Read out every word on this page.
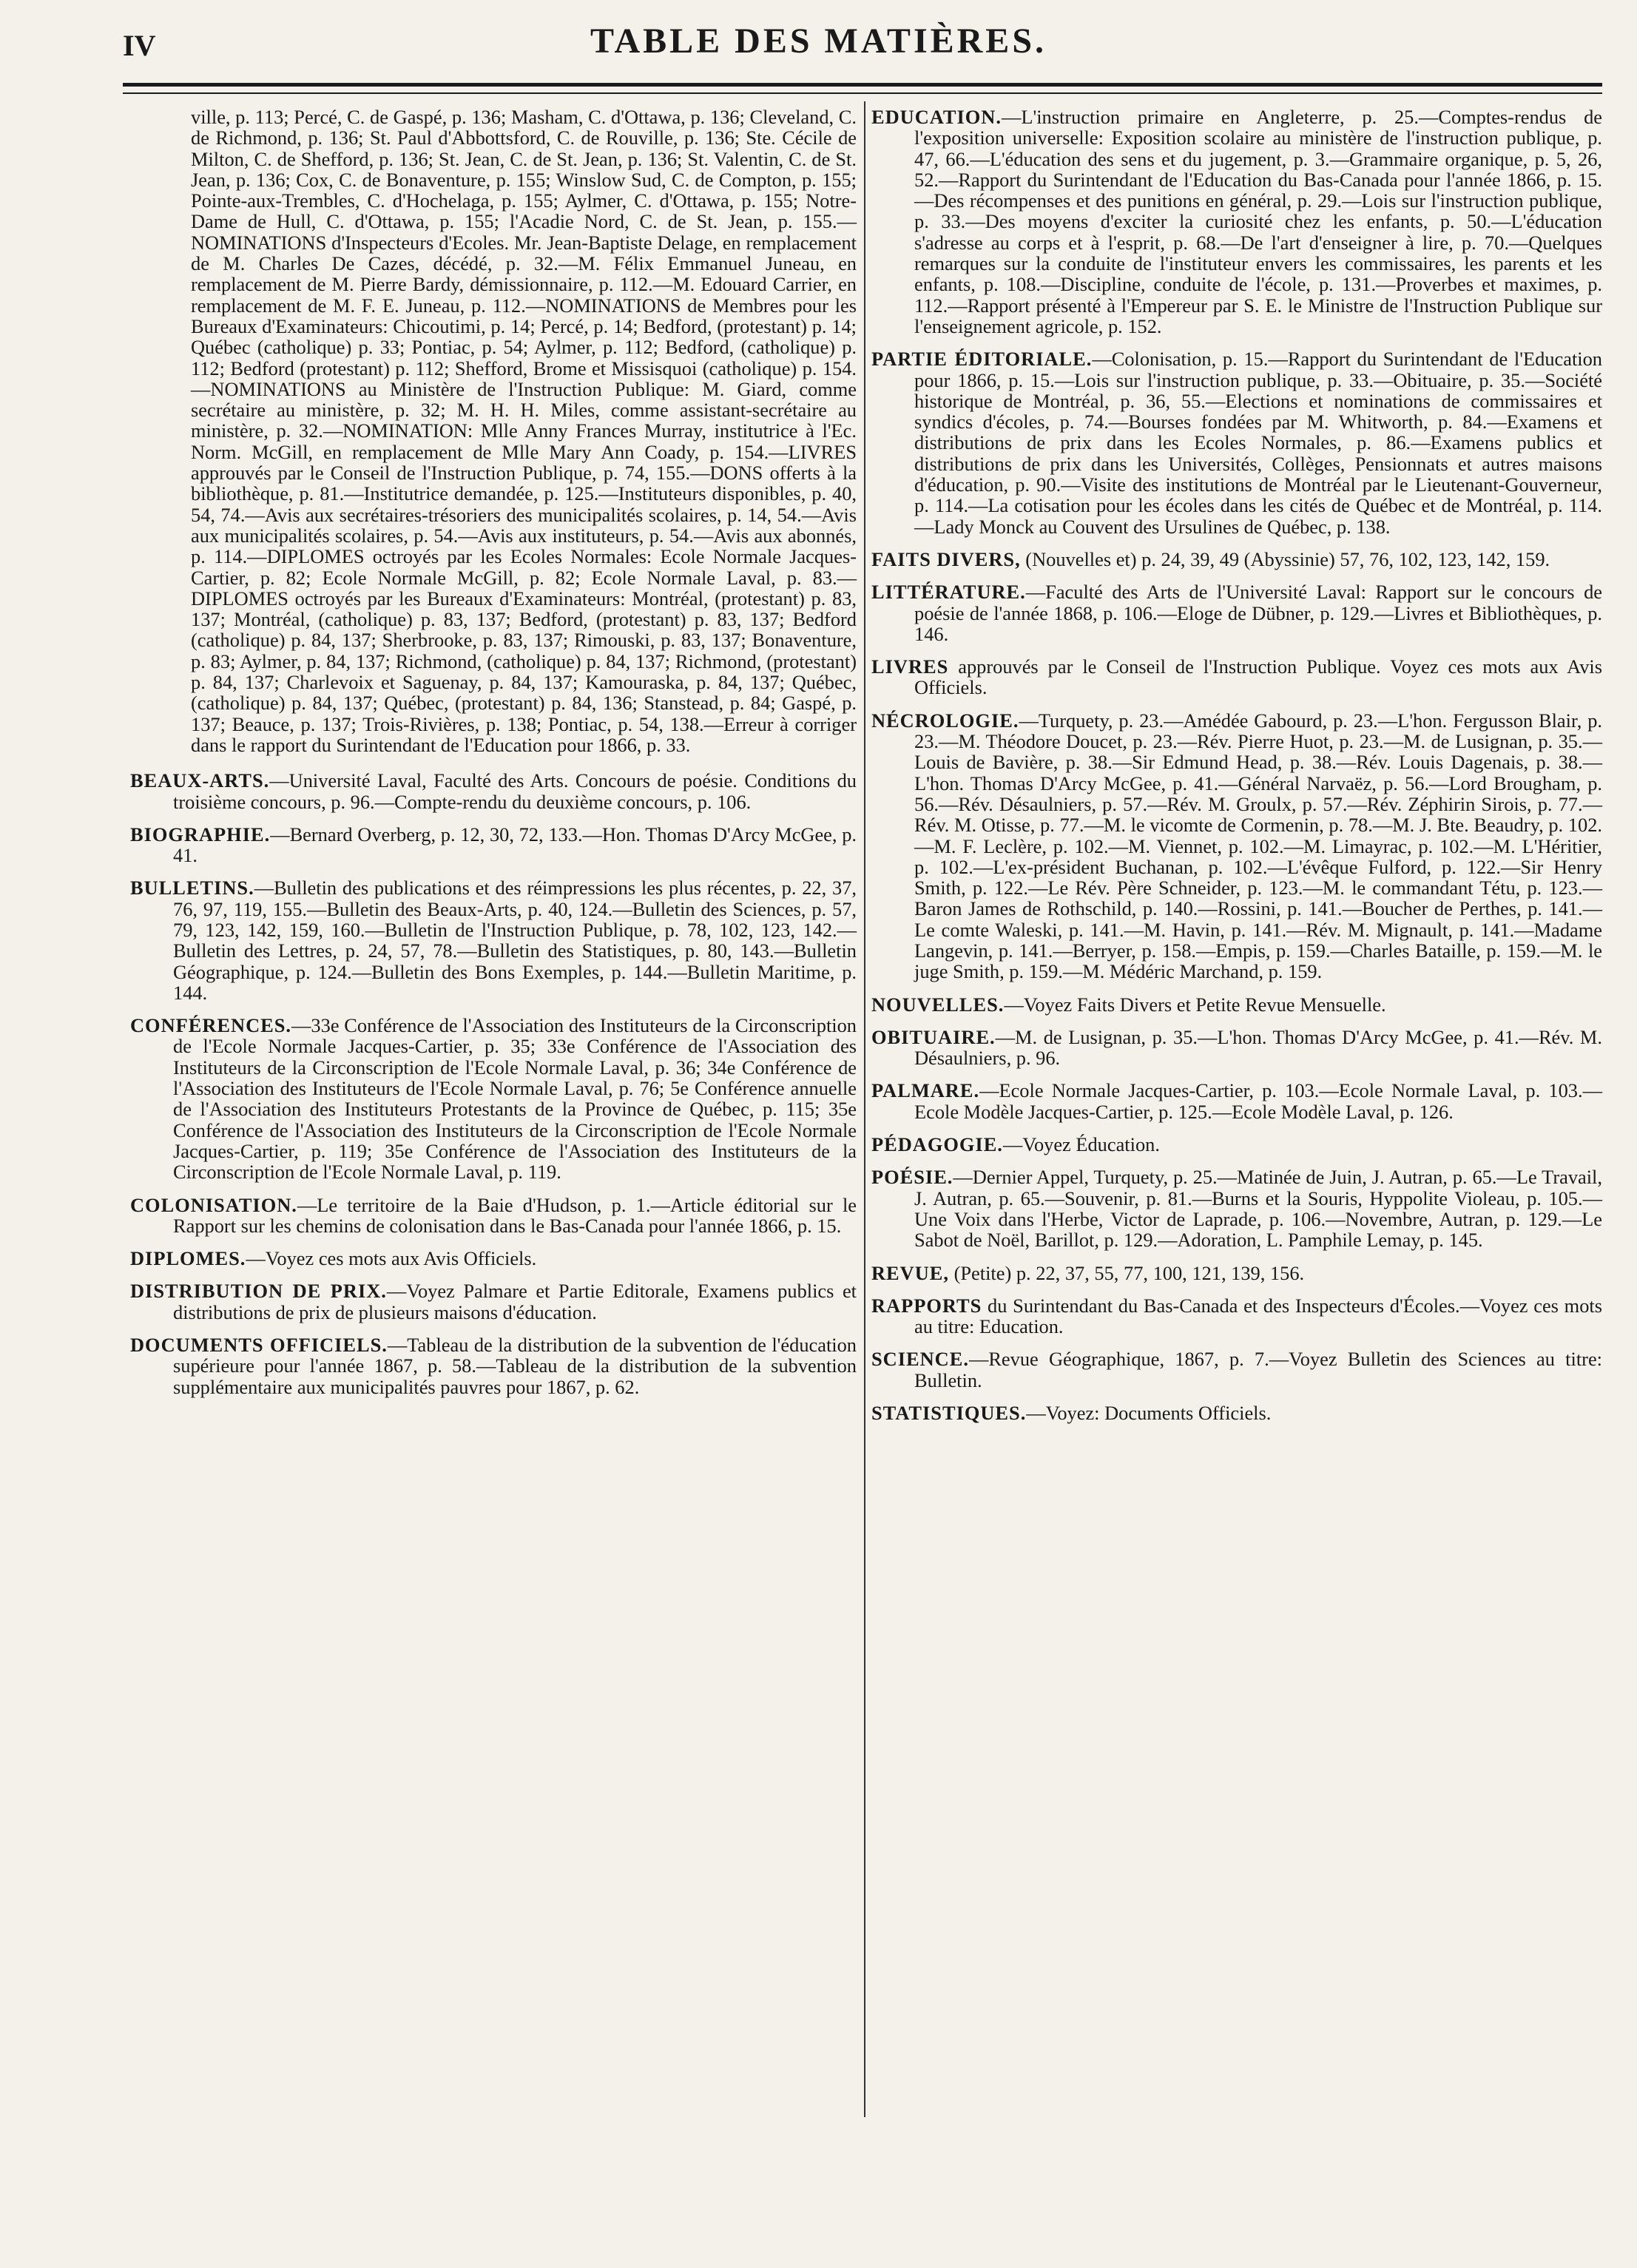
IV	TABLE DES MATIÈRES.
ville, p. 113; Percé, C. de Gaspé, p. 136; Masham, C. d'Ottawa, p. 136; Cleveland, C. de Richmond, p. 136; St. Paul d'Abbottsford, C. de Rouville, p. 136; Ste. Cécile de Milton, C. de Shefford, p. 136; St. Jean, C. de St. Jean, p. 136; St. Valentin, C. de St. Jean, p. 136; Cox, C. de Bonaventure, p. 155; Winslow Sud, C. de Compton, p. 155; Pointe-aux-Trembles, C. d'Hochelaga, p. 155; Aylmer, C. d'Ottawa, p. 155; Notre-Dame de Hull, C. d'Ottawa, p. 155; l'Acadie Nord, C. de St. Jean, p. 155.—NOMINATIONS d'Inspecteurs d'Ecoles. Mr. Jean-Baptiste Delage, en remplacement de M. Charles De Cazes, décédé, p. 32.—M. Félix Emmanuel Juneau, en remplacement de M. Pierre Bardy, démissionnaire, p. 112.—M. Edouard Carrier, en remplacement de M. F. E. Juneau, p. 112.—NOMINATIONS de Membres pour les Bureaux d'Examinateurs: Chicoutimi, p. 14; Percé, p. 14; Bedford, (protestant) p. 14; Québec (catholique) p. 33; Pontiac, p. 54; Aylmer, p. 112; Bedford, (catholique) p. 112; Bedford (protestant) p. 112; Shefford, Brome et Missisquoi (catholique) p. 154.—NOMINATIONS au Ministère de l'Instruction Publique: M. Giard, comme secrétaire au ministère, p. 32; M. H. H. Miles, comme assistant-secrétaire au ministère, p. 32.—NOMINATION: Mlle Anny Frances Murray, institutrice à l'Ec. Norm. McGill, en remplacement de Mlle Mary Ann Coady, p. 154.—LIVRES approuvés par le Conseil de l'Instruction Publique, p. 74, 155.—DONS offerts à la bibliothèque, p. 81.—Institutrice demandée, p. 125.—Instituteurs disponibles, p. 40, 54, 74.—Avis aux secrétaires-trésoriers des municipalités scolaires, p. 14, 54.—Avis aux municipalités scolaires, p. 54.—Avis aux instituteurs, p. 54.—Avis aux abonnés, p. 114.—DIPLOMES octroyés par les Ecoles Normales: Ecole Normale Jacques-Cartier, p. 82; Ecole Normale McGill, p. 82; Ecole Normale Laval, p. 83.—DIPLOMES octroyés par les Bureaux d'Examinateurs: Montréal, (protestant) p. 83, 137; Montréal, (catholique) p. 83, 137; Bedford, (protestant) p. 83, 137; Bedford (catholique) p. 84, 137; Sherbrooke, p. 83, 137; Rimouski, p. 83, 137; Bonaventure, p. 83; Aylmer, p. 84, 137; Richmond, (catholique) p. 84, 137; Richmond, (protestant) p. 84, 137; Charlevoix et Saguenay, p. 84, 137; Kamouraska, p. 84, 137; Québec, (catholique) p. 84, 137; Québec, (protestant) p. 84, 136; Stanstead, p. 84; Gaspé, p. 137; Beauce, p. 137; Trois-Rivières, p. 138; Pontiac, p. 54, 138.—Erreur à corriger dans le rapport du Surintendant de l'Education pour 1866, p. 33.
BEAUX-ARTS.—Université Laval, Faculté des Arts. Concours de poésie. Conditions du troisième concours, p. 96.—Compte-rendu du deuxième concours, p. 106.
BIOGRAPHIE.—Bernard Overberg, p. 12, 30, 72, 133.—Hon. Thomas D'Arcy McGee, p. 41.
BULLETINS.—Bulletin des publications et des réimpressions les plus récentes, p. 22, 37, 76, 97, 119, 155.—Bulletin des Beaux-Arts, p. 40, 124.—Bulletin des Sciences, p. 57, 79, 123, 142, 159, 160.—Bulletin de l'Instruction Publique, p. 78, 102, 123, 142.—Bulletin des Lettres, p. 24, 57, 78.—Bulletin des Statistiques, p. 80, 143.—Bulletin Géographique, p. 124.—Bulletin des Bons Exemples, p. 144.—Bulletin Maritime, p. 144.
CONFÉRENCES.—33e Conférence de l'Association des Instituteurs de la Circonscription de l'Ecole Normale Jacques-Cartier, p. 35; 33e Conférence de l'Association des Instituteurs de la Circonscription de l'Ecole Normale Laval, p. 36; 34e Conférence de l'Association des Instituteurs de l'Ecole Normale Laval, p. 76; 5e Conférence annuelle de l'Association des Instituteurs Protestants de la Province de Québec, p. 115; 35e Conférence de l'Association des Instituteurs de la Circonscription de l'Ecole Normale Jacques-Cartier, p. 119; 35e Conférence de l'Association des Instituteurs de la Circonscription de l'Ecole Normale Laval, p. 119.
COLONISATION.—Le territoire de la Baie d'Hudson, p. 1.—Article éditorial sur le Rapport sur les chemins de colonisation dans le Bas-Canada pour l'année 1866, p. 15.
DIPLOMES.—Voyez ces mots aux Avis Officiels.
DISTRIBUTION DE PRIX.—Voyez Palmare et Partie Editorale, Examens publics et distributions de prix de plusieurs maisons d'éducation.
DOCUMENTS OFFICIELS.—Tableau de la distribution de la subvention de l'éducation supérieure pour l'année 1867, p. 58.—Tableau de la distribution de la subvention supplémentaire aux municipalités pauvres pour 1867, p. 62.
EDUCATION.—L'instruction primaire en Angleterre, p. 25.—Comptes-rendus de l'exposition universelle: Exposition scolaire au ministère de l'instruction publique, p. 47, 66.—L'éducation des sens et du jugement, p. 3.—Grammaire organique, p. 5, 26, 52.—Rapport du Surintendant de l'Education du Bas-Canada pour l'année 1866, p. 15.—Des récompenses et des punitions en général, p. 29.—Lois sur l'instruction publique, p. 33.—Des moyens d'exciter la curiosité chez les enfants, p. 50.—L'éducation s'adresse au corps et à l'esprit, p. 68.—De l'art d'enseigner à lire, p. 70.—Quelques remarques sur la conduite de l'instituteur envers les commissaires, les parents et les enfants, p. 108.—Discipline, conduite de l'école, p. 131.—Proverbes et maximes, p. 112.—Rapport présenté à l'Empereur par S. E. le Ministre de l'Instruction Publique sur l'enseignement agricole, p. 152.
PARTIE ÉDITORIALE.—Colonisation, p. 15.—Rapport du Surintendant de l'Education pour 1866, p. 15.—Lois sur l'instruction publique, p. 33.—Obituaire, p. 35.—Société historique de Montréal, p. 36, 55.—Elections et nominations de commissaires et syndics d'écoles, p. 74.—Bourses fondées par M. Whitworth, p. 84.—Examens et distributions de prix dans les Ecoles Normales, p. 86.—Examens publics et distributions de prix dans les Universités, Collèges, Pensionnats et autres maisons d'éducation, p. 90.—Visite des institutions de Montréal par le Lieutenant-Gouverneur, p. 114.—La cotisation pour les écoles dans les cités de Québec et de Montréal, p. 114.—Lady Monck au Couvent des Ursulines de Québec, p. 138.
FAITS DIVERS, (Nouvelles et) p. 24, 39, 49 (Abyssinie) 57, 76, 102, 123, 142, 159.
LITTÉRATURE.—Faculté des Arts de l'Université Laval: Rapport sur le concours de poésie de l'année 1868, p. 106.—Eloge de Dübner, p. 129.—Livres et Bibliothèques, p. 146.
LIVRES approuvés par le Conseil de l'Instruction Publique. Voyez ces mots aux Avis Officiels.
NÉCROLOGIE.—Turquety, p. 23.—Amédée Gabourd, p. 23.—L'hon. Fergusson Blair, p. 23.—M. Théodore Doucet, p. 23.—Rév. Pierre Huot, p. 23.—M. de Lusignan, p. 35.—Louis de Bavière, p. 38.—Sir Edmund Head, p. 38.—Rév. Louis Dagenais, p. 38.—L'hon. Thomas D'Arcy McGee, p. 41.—Général Narvaëz, p. 56.—Lord Brougham, p. 56.—Rév. Désaulniers, p. 57.—Rév. M. Groulx, p. 57.—Rév. Zéphirin Sirois, p. 77.—Rév. M. Otisse, p. 77.—M. le vicomte de Cormenin, p. 78.—M. J. Bte. Beaudry, p. 102.—M. F. Leclère, p. 102.—M. Viennet, p. 102.—M. Limayrac, p. 102.—M. L'Héritier, p. 102.—L'ex-président Buchanan, p. 102.—L'évêque Fulford, p. 122.—Sir Henry Smith, p. 122.—Le Rév. Père Schneider, p. 123.—M. le commandant Tétu, p. 123.—Baron James de Rothschild, p. 140.—Rossini, p. 141.—Boucher de Perthes, p. 141.—Le comte Waleski, p. 141.—M. Havin, p. 141.—Rév. M. Mignault, p. 141.—Madame Langevin, p. 141.—Berryer, p. 158.—Empis, p. 159.—Charles Bataille, p. 159.—M. le juge Smith, p. 159.—M. Médéric Marchand, p. 159.
NOUVELLES.—Voyez Faits Divers et Petite Revue Mensuelle.
OBITUAIRE.—M. de Lusignan, p. 35.—L'hon. Thomas D'Arcy McGee, p. 41.—Rév. M. Désaulniers, p. 96.
PALMARE.—Ecole Normale Jacques-Cartier, p. 103.—Ecole Normale Laval, p. 103.—Ecole Modèle Jacques-Cartier, p. 125.—Ecole Modèle Laval, p. 126.
PÉDAGOGIE.—Voyez Éducation.
POÉSIE.—Dernier Appel, Turquety, p. 25.—Matinée de Juin, J. Autran, p. 65.—Le Travail, J. Autran, p. 65.—Souvenir, p. 81.—Burns et la Souris, Hyppolite Violeau, p. 105.—Une Voix dans l'Herbe, Victor de Laprade, p. 106.—Novembre, Autran, p. 129.—Le Sabot de Noël, Barillot, p. 129.—Adoration, L. Pamphile Lemay, p. 145.
REVUE, (Petite) p. 22, 37, 55, 77, 100, 121, 139, 156.
RAPPORTS du Surintendant du Bas-Canada et des Inspecteurs d'Écoles.—Voyez ces mots au titre: Education.
SCIENCE.—Revue Géographique, 1867, p. 7.—Voyez Bulletin des Sciences au titre: Bulletin.
STATISTIQUES.—Voyez: Documents Officiels.
